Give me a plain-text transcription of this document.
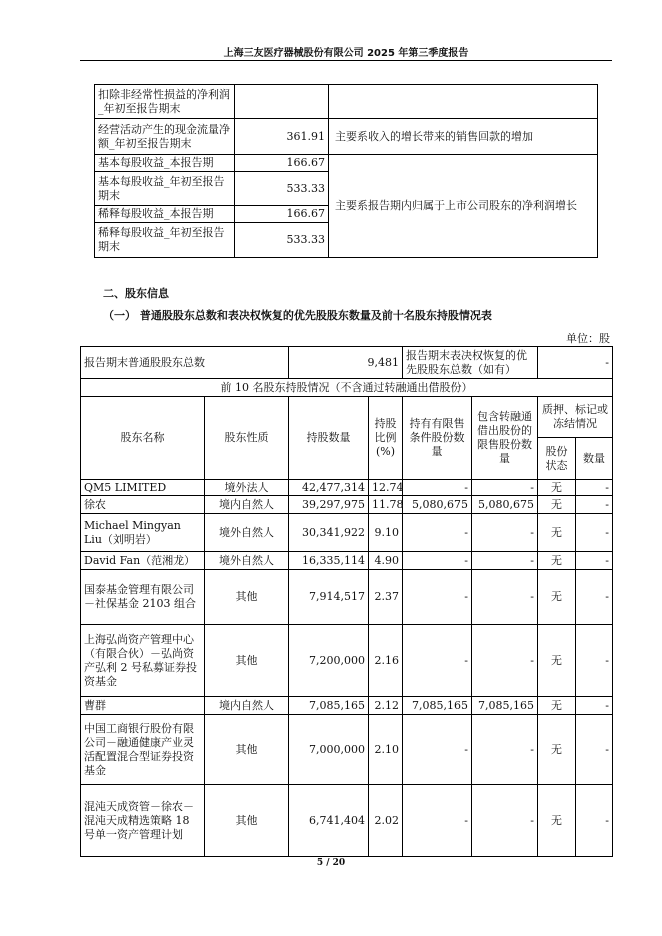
上海三友医疗器械股份有限公司 2025 年第三季度报告
扣除非经常性损益的净利润_年初至报告期末		
经营活动产生的现金流量净额_年初至报告期末	361.91	主要系收入的增长带来的销售回款的增加
基本每股收益_本报告期	166.67	主要系报告期内归属于上市公司股东的净利润增长
基本每股收益_年初至报告期末	533.33	
稀释每股收益_本报告期	166.67	
稀释每股收益_年初至报告期末	533.33	
二、股东信息
（一） 普通股股东总数和表决权恢复的优先股股东数量及前十名股东持股情况表
单位：股
报告期末普通股股东总数		9,481		报告期末表决权恢复的优先股股东总数（如有）		-	
前 10 名股东持股情况（不含通过转融通出借股份）							
股东名称	股东性质	持股数量	持股比例(%)	持有有限售条件股份数量	包含转融通借出股份的限售股份数量	质押、标记或冻结情况	
						股份状态	数量
QM5 LIMITED	境外法人	42,477,314	12.74	-	-	无	-
徐农	境内自然人	39,297,975	11.78	5,080,675	5,080,675	无	-
Michael Mingyan Liu（刘明岩）	境外自然人	30,341,922	9.10	-	-	无	-
David Fan（范湘龙）	境外自然人	16,335,114	4.90	-	-	无	-
国泰基金管理有限公司－社保基金 2103 组合	其他	7,914,517	2.37	-	-	无	-
上海弘尚资产管理中心（有限合伙）－弘尚资产弘利 2 号私募证券投资基金	其他	7,200,000	2.16	-	-	无	-
曹群	境内自然人	7,085,165	2.12	7,085,165	7,085,165	无	-
中国工商银行股份有限公司－融通健康产业灵活配置混合型证券投资基金	其他	7,000,000	2.10	-	-	无	-
混沌天成资管－徐农－混沌天成精选策略 18 号单一资产管理计划	其他	6,741,404	2.02	-	-	无	-
5 / 20
